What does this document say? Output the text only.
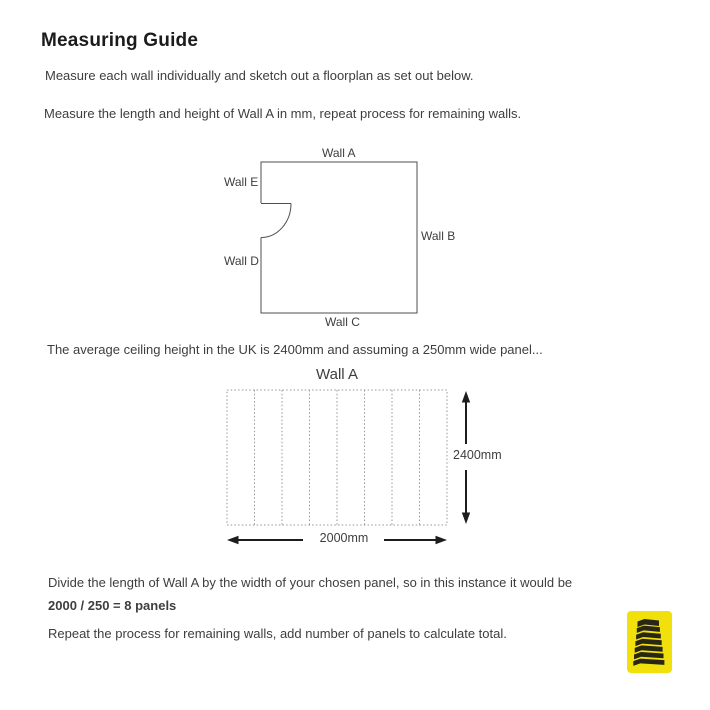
Measuring Guide

Measure each wall individually and sketch out a floorplan as set out below.

Measure the length and height of Wall A in mm, repeat process for remaining walls.

Wall A

Wall E

Wall B

Wall D

Wall C

The average ceiling height in the UK is 2400mm and assuming a 250mm wide panel...

Wall A

2400mm

2000mm

Divide the length of Wall A by the width of your chosen panel, so in this instance it would be

2000 / 250 = 8 panels

Repeat the process for remaining walls, add number of panels to calculate total.
